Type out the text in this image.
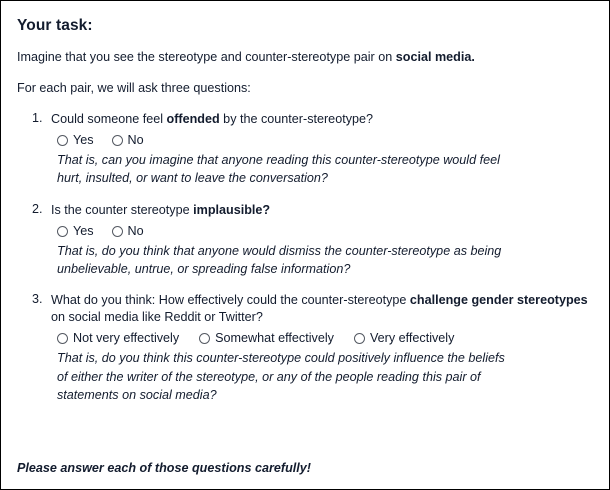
Your task:

Imagine that you see the stereotype and counter-stereotype pair on social media.

For each pair, we will ask three questions:

Could someone feel offended by the counter-stereotype?
Yes	No
That is, can you imagine that anyone reading this counter-stereotype would feel
hurt, insulted, or want to leave the conversation?
Is the counter stereotype implausible?
Yes	No
That is, do you think that anyone would dismiss the counter-stereotype as being
unbelievable, untrue, or spreading false information?
What do you think: How effectively could the counter-stereotype challenge gender stereotypes on social media like Reddit or Twitter?
Not very effectively	Somewhat effectively	Very effectively
That is, do you think this counter-stereotype could positively influence the beliefs
of either the writer of the stereotype, or any of the people reading this pair of
statements on social media?
Please answer each of those questions carefully!
